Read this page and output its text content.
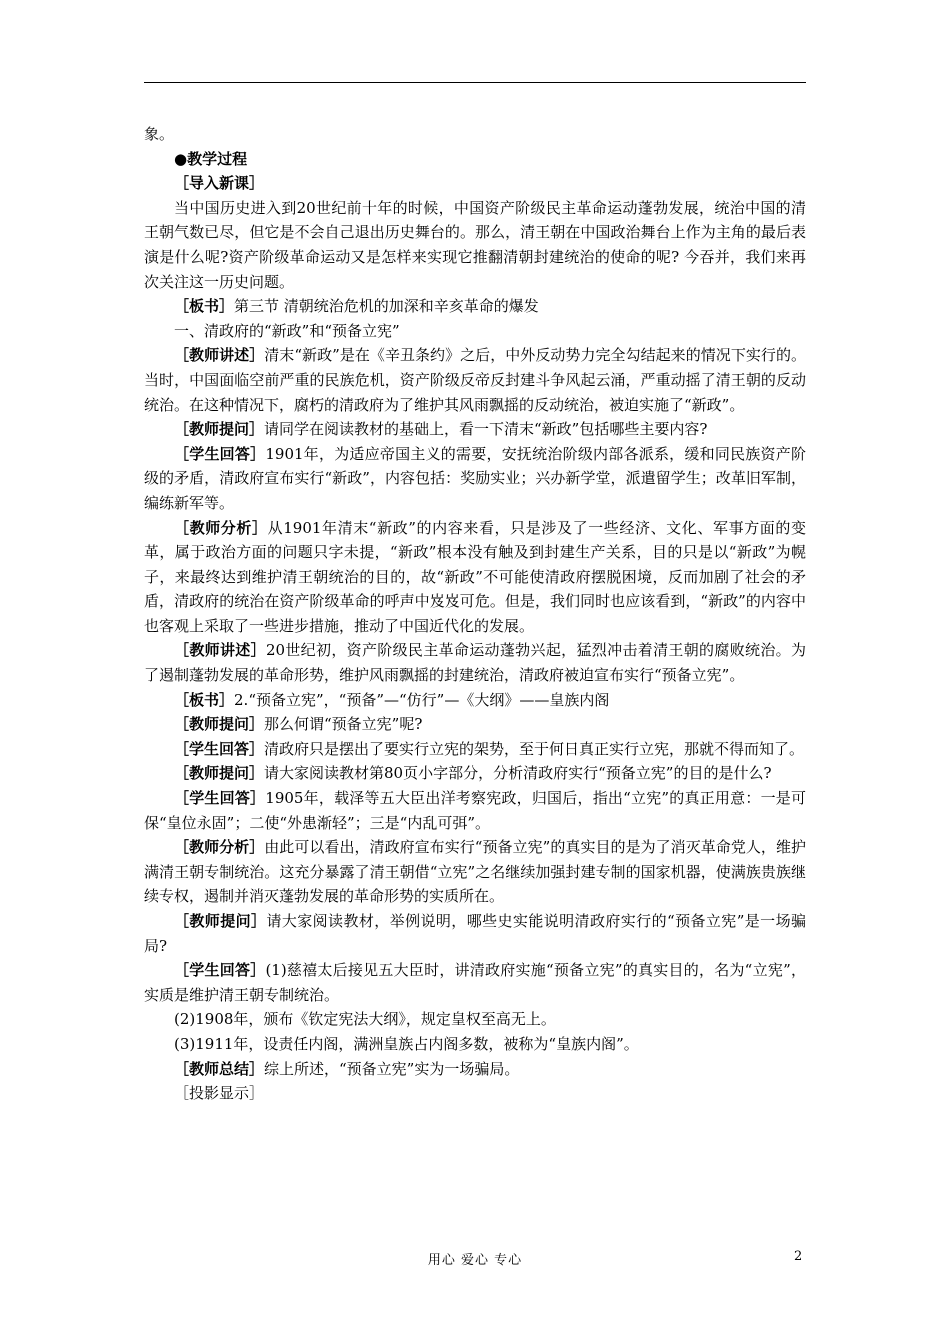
象。

●教学过程

［导入新课］

当中国历史进入到20世纪前十年的时候，中国资产阶级民主革命运动蓬勃发展，统治中国的清王朝气数已尽，但它是不会自己退出历史舞台的。那么，清王朝在中国政治舞台上作为主角的最后表演是什么呢?资产阶级革命运动又是怎样来实现它推翻清朝封建统治的使命的呢? 今吞并，我们来再次关注这一历史问题。

［板书］第三节 清朝统治危机的加深和辛亥革命的爆发

一、清政府的“新政”和“预备立宪”

［教师讲述］清末“新政”是在《辛丑条约》之后，中外反动势力完全勾结起来的情况下实行的。当时，中国面临空前严重的民族危机，资产阶级反帝反封建斗争风起云涌，严重动摇了清王朝的反动统治。在这种情况下，腐朽的清政府为了维护其风雨飘摇的反动统治，被迫实施了“新政”。

［教师提问］请同学在阅读教材的基础上，看一下清末“新政”包括哪些主要内容?

［学生回答］1901年，为适应帝国主义的需要，安抚统治阶级内部各派系，缓和同民族资产阶级的矛盾，清政府宣布实行“新政”，内容包括：奖励实业；兴办新学堂，派遣留学生；改革旧军制，编练新军等。

［教师分析］从1901年清末“新政”的内容来看，只是涉及了一些经济、文化、军事方面的变革，属于政治方面的问题只字未提，“新政”根本没有触及到封建生产关系，目的只是以“新政”为幌子，来最终达到维护清王朝统治的目的，故“新政”不可能使清政府摆脱困境，反而加剧了社会的矛盾，清政府的统治在资产阶级革命的呼声中岌岌可危。但是，我们同时也应该看到，“新政”的内容中也客观上采取了一些进步措施，推动了中国近代化的发展。

［教师讲述］20世纪初，资产阶级民主革命运动蓬勃兴起，猛烈冲击着清王朝的腐败统治。为了遏制蓬勃发展的革命形势，维护风雨飘摇的封建统治，清政府被迫宣布实行“预备立宪”。

［板书］2.“预备立宪”，“预备”—“仿行”—《大纲》——皇族内阁

［教师提问］那么何谓“预备立宪”呢?

［学生回答］清政府只是摆出了要实行立宪的架势，至于何日真正实行立宪，那就不得而知了。

［教师提问］请大家阅读教材第80页小字部分，分析清政府实行“预备立宪”的目的是什么?

［学生回答］1905年，载泽等五大臣出洋考察宪政，归国后，指出“立宪”的真正用意：一是可保“皇位永固”；二使“外患渐轻”；三是“内乱可弭”。

［教师分析］由此可以看出，清政府宣布实行“预备立宪”的真实目的是为了消灭革命党人，维护满清王朝专制统治。这充分暴露了清王朝借“立宪”之名继续加强封建专制的国家机器，使满族贵族继续专权，遏制并消灭蓬勃发展的革命形势的实质所在。

［教师提问］请大家阅读教材，举例说明，哪些史实能说明清政府实行的“预备立宪”是一场骗局?

［学生回答］(1)慈禧太后接见五大臣时，讲清政府实施“预备立宪”的真实目的，名为“立宪”，实质是维护清王朝专制统治。

(2)1908年，颁布《钦定宪法大纲》，规定皇权至高无上。

(3)1911年，设责任内阁，满洲皇族占内阁多数，被称为“皇族内阁”。

［教师总结］综上所述，“预备立宪”实为一场骗局。

［投影显示］

用心 爱心 专心	2
